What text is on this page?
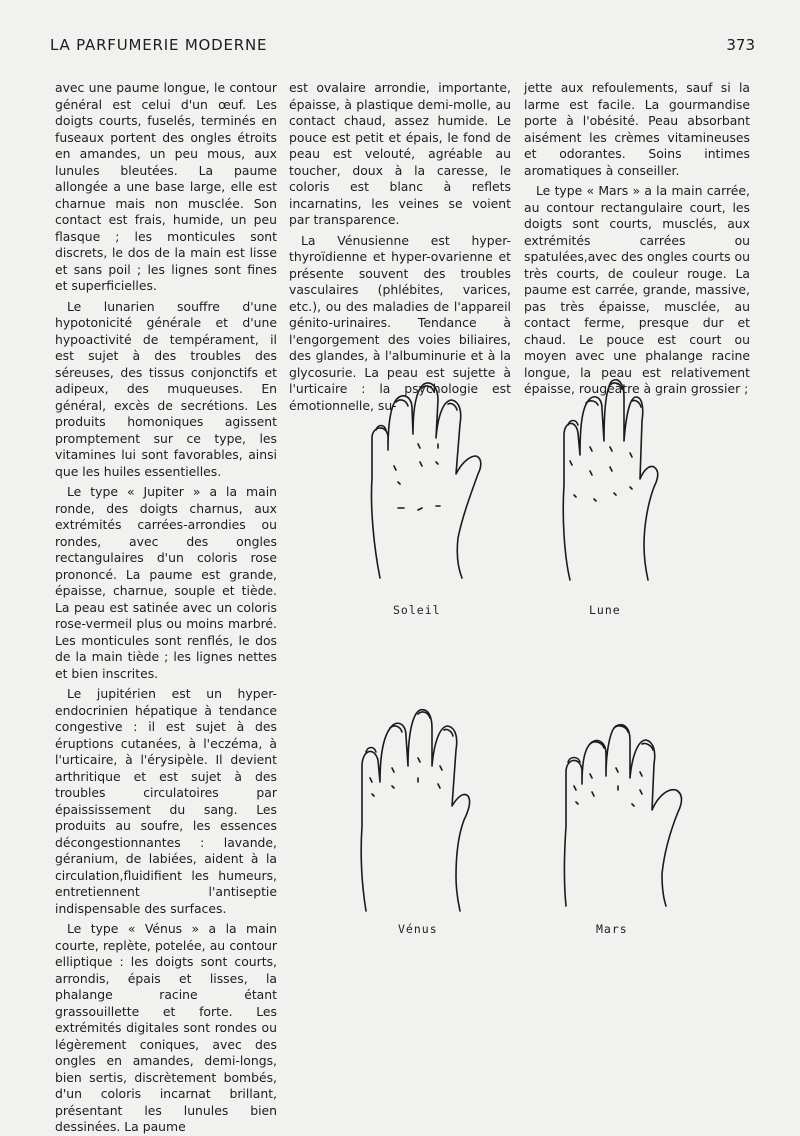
LA PARFUMERIE MODERNE	373

avec une paume longue, le contour général est celui d'un œuf. Les doigts courts, fuselés, terminés en fuseaux portent des ongles étroits en amandes, un peu mous, aux lunules bleutées. La paume allongée a une base large, elle est charnue mais non musclée. Son contact est frais, humide, un peu flasque ; les monticules sont discrets, le dos de la main est lisse et sans poil ; les lignes sont fines et superficielles.

Le lunarien souffre d'une hypotonicité générale et d'une hypoactivité de tempérament, il est sujet à des troubles des séreuses, des tissus conjonctifs et adipeux, des muqueuses. En général, excès de secrétions. Les produits homoniques agissent promptement sur ce type, les vitamines lui sont favorables, ainsi que les huiles essentielles.

Le type « Jupiter » a la main ronde, des doigts charnus, aux extrémités carrées-arrondies ou rondes, avec des ongles rectangulaires d'un coloris rose prononcé. La paume est grande, épaisse, charnue, souple et tiède. La peau est satinée avec un coloris rose-vermeil plus ou moins marbré. Les monticules sont renflés, le dos de la main tiède ; les lignes nettes et bien inscrites.

Le jupitérien est un hyper-endocrinien hépatique à tendance congestive : il est sujet à des éruptions cutanées, à l'eczéma, à l'urticaire, à l'érysipèle. Il devient arthritique et est sujet à des troubles circulatoires par épaississement du sang. Les produits au soufre, les essences décongestionnantes : lavande, géranium, de labiées, aident à la circulation,fluidifient les humeurs, entretiennent l'antiseptie indispensable des surfaces.

Le type « Vénus » a la main courte, replète, potelée, au contour elliptique : les doigts sont courts, arrondis, épais et lisses, la phalange racine étant grassouillette et forte. Les extrémités digitales sont rondes ou légèrement coniques, avec des ongles en amandes, demi-longs, bien sertis, discrètement bombés, d'un coloris incarnat brillant, présentant les lunules bien dessinées. La paume

est ovalaire arrondie, importante, épaisse, à plastique demi-molle, au contact chaud, assez humide. Le pouce est petit et épais, le fond de peau est velouté, agréable au toucher, doux à la caresse, le coloris est blanc à reflets incarnatins, les veines se voient par transparence.

La Vénusienne est hyper-thyroïdienne et hyper-ovarienne et présente souvent des troubles vasculaires (phlébites, varices, etc.), ou des maladies de l'appareil génito-urinaires. Tendance à l'engorgement des voies biliaires, des glandes, à l'albuminurie et à la glycosurie. La peau est sujette à l'urticaire : la psychologie est émotionnelle, su-

jette aux refoulements, sauf si la larme est facile. La gourmandise porte à l'obésité. Peau absorbant aisément les crèmes vitamineuses et odorantes. Soins intimes aromatiques à conseiller.

Le type « Mars » a la main carrée, au contour rectangulaire court, les doigts sont courts, musclés, aux extrémités carrées ou spatulées,avec des ongles courts ou très courts, de couleur rouge. La paume est carrée, grande, massive, pas très épaisse, musclée, au contact ferme, presque dur et chaud. Le pouce est court ou moyen avec une phalange racine longue, la peau est relativement épaisse, rougeâtre à grain grossier ;

Soleil	Lune
Vénus	Mars
